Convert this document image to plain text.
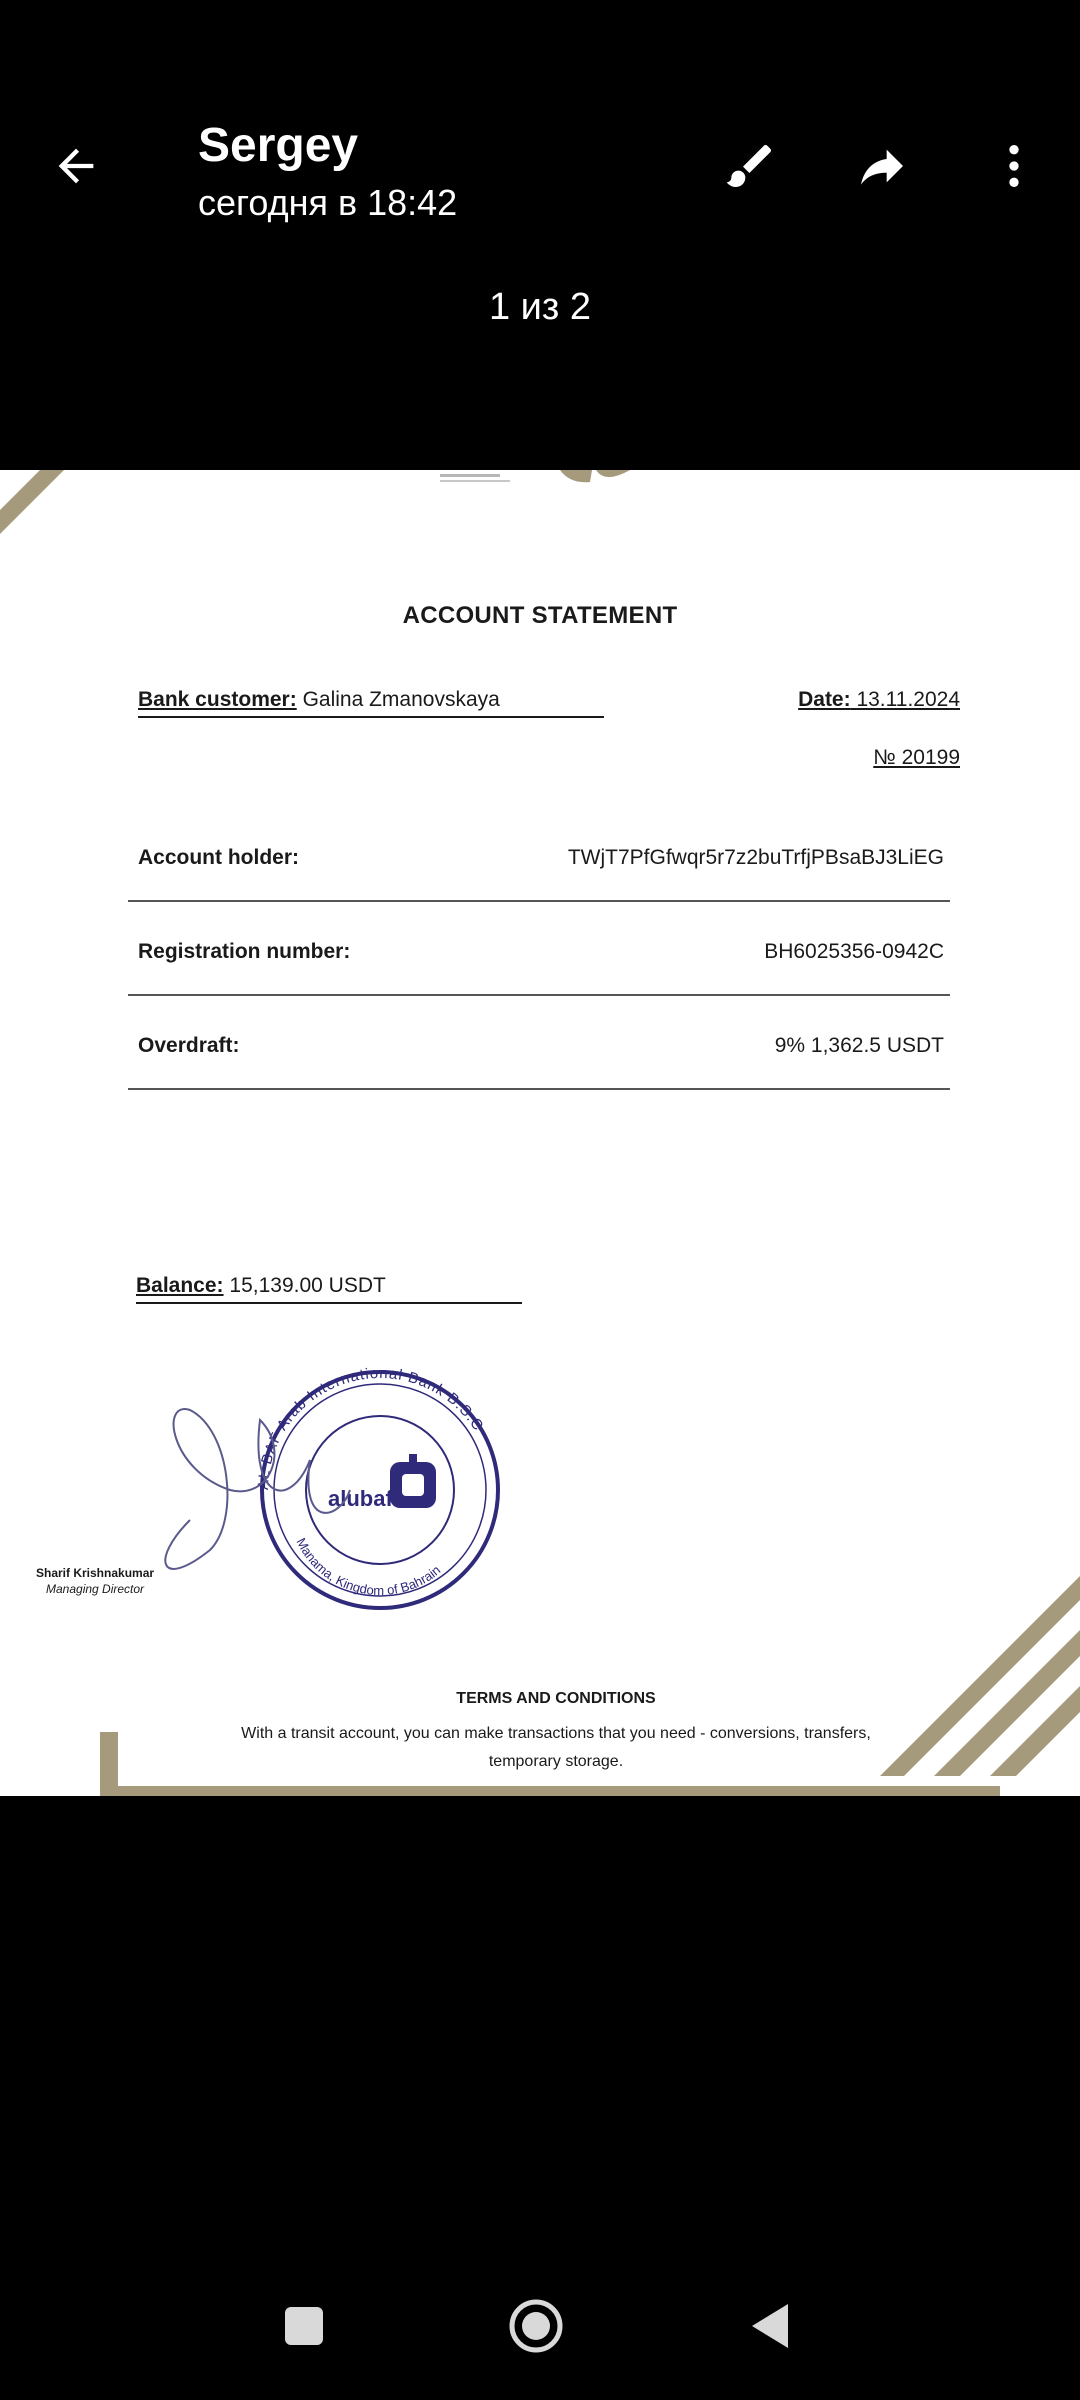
Sergey
сегодня в 18:42
1 из 2
ACCOUNT STATEMENT
Bank customer: Galina Zmanovskaya	Date: 13.11.2024
№ 20199
Account holder:	TWjT7PfGfwqr5r7z2buTrfjPBsaBJ3LiEG
Registration number:	BH6025356-0942C
Overdraft:	9% 1,362.5 USDT
Balance: 15,139.00 USDT
AL BAF Arab International Bank B.S.C
Manama, Kingdom of Bahrain
alubaf
Sharif Krishnakumar
Managing Director
TERMS AND CONDITIONS
With a transit account, you can make transactions that you need - conversions, transfers, temporary storage.
